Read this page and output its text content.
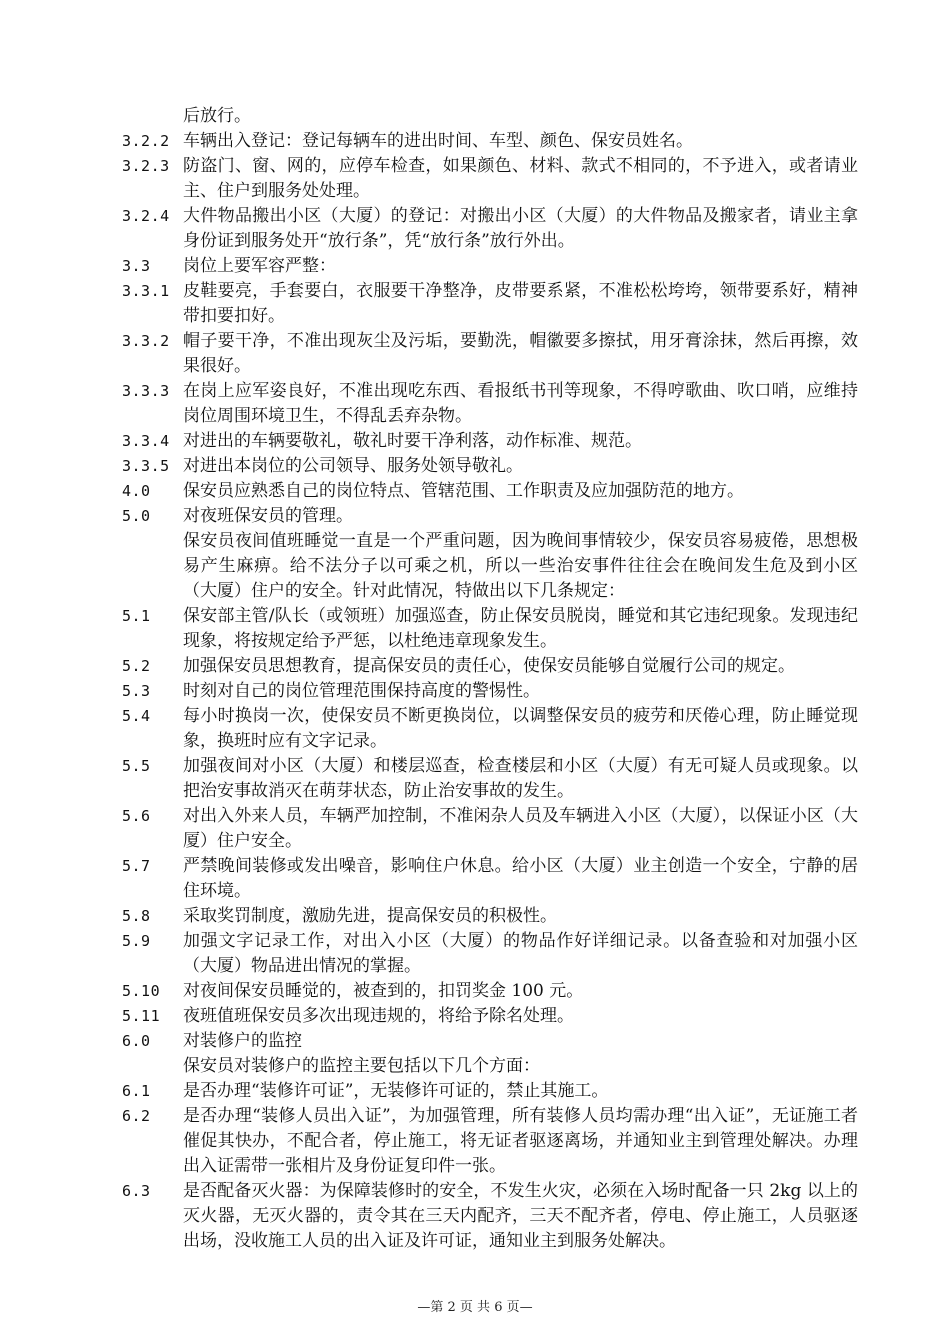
后放行。
3.2.2 车辆出入登记：登记每辆车的进出时间、车型、颜色、保安员姓名。
3.2.3 防盗门、窗、网的，应停车检查，如果颜色、材料、款式不相同的，不予进入，或者请业主、住户到服务处处理。
3.2.4 大件物品搬出小区（大厦）的登记：对搬出小区（大厦）的大件物品及搬家者，请业主拿身份证到服务处开“放行条”，凭“放行条”放行外出。
3.3	岗位上要军容严整：
3.3.1 皮鞋要亮，手套要白，衣服要干净整净，皮带要系紧，不准松松垮垮，领带要系好，精神带扣要扣好。
3.3.2 帽子要干净，不准出现灰尘及污垢，要勤洗，帽徽要多擦拭，用牙膏涂抹，然后再擦，效果很好。
3.3.3 在岗上应军姿良好，不准出现吃东西、看报纸书刊等现象，不得哼歌曲、吹口哨，应维持岗位周围环境卫生，不得乱丢弃杂物。
3.3.4 对进出的车辆要敬礼，敬礼时要干净利落，动作标准、规范。
3.3.5 对进出本岗位的公司领导、服务处领导敬礼。
4.0	保安员应熟悉自己的岗位特点、管辖范围、工作职责及应加强防范的地方。
5.0	对夜班保安员的管理。
保安员夜间值班睡觉一直是一个严重问题，因为晚间事情较少，保安员容易疲倦，思想极易产生麻痹。给不法分子以可乘之机，所以一些治安事件往往会在晚间发生危及到小区（大厦）住户的安全。针对此情况，特做出以下几条规定：
5.1	保安部主管/队长（或领班）加强巡查，防止保安员脱岗，睡觉和其它违纪现象。发现违纪现象，将按规定给予严惩，以杜绝违章现象发生。
5.2	加强保安员思想教育，提高保安员的责任心，使保安员能够自觉履行公司的规定。
5.3	时刻对自己的岗位管理范围保持高度的警惕性。
5.4	每小时换岗一次，使保安员不断更换岗位，以调整保安员的疲劳和厌倦心理，防止睡觉现象，换班时应有文字记录。
5.5	加强夜间对小区（大厦）和楼层巡查，检查楼层和小区（大厦）有无可疑人员或现象。以把治安事故消灭在萌芽状态，防止治安事故的发生。
5.6	对出入外来人员，车辆严加控制，不准闲杂人员及车辆进入小区（大厦），以保证小区（大厦）住户安全。
5.7	严禁晚间装修或发出噪音，影响住户休息。给小区（大厦）业主创造一个安全，宁静的居住环境。
5.8	采取奖罚制度，激励先进，提高保安员的积极性。
5.9	加强文字记录工作，对出入小区（大厦）的物品作好详细记录。以备查验和对加强小区（大厦）物品进出情况的掌握。
5.10	对夜间保安员睡觉的，被查到的，扣罚奖金 100 元。
5.11	夜班值班保安员多次出现违规的，将给予除名处理。
6.0	对装修户的监控
保安员对装修户的监控主要包括以下几个方面：
6.1	是否办理“装修许可证”，无装修许可证的，禁止其施工。
6.2	是否办理“装修人员出入证”，为加强管理，所有装修人员均需办理“出入证”，无证施工者催促其快办，不配合者，停止施工，将无证者驱逐离场，并通知业主到管理处解决。办理出入证需带一张相片及身份证复印件一张。
6.3	是否配备灭火器：为保障装修时的安全，不发生火灾，必须在入场时配备一只 2kg 以上的灭火器，无灭火器的，责令其在三天内配齐，三天不配齐者，停电、停止施工，人员驱逐出场，没收施工人员的出入证及许可证，通知业主到服务处解决。
—第 2 页 共 6 页—
